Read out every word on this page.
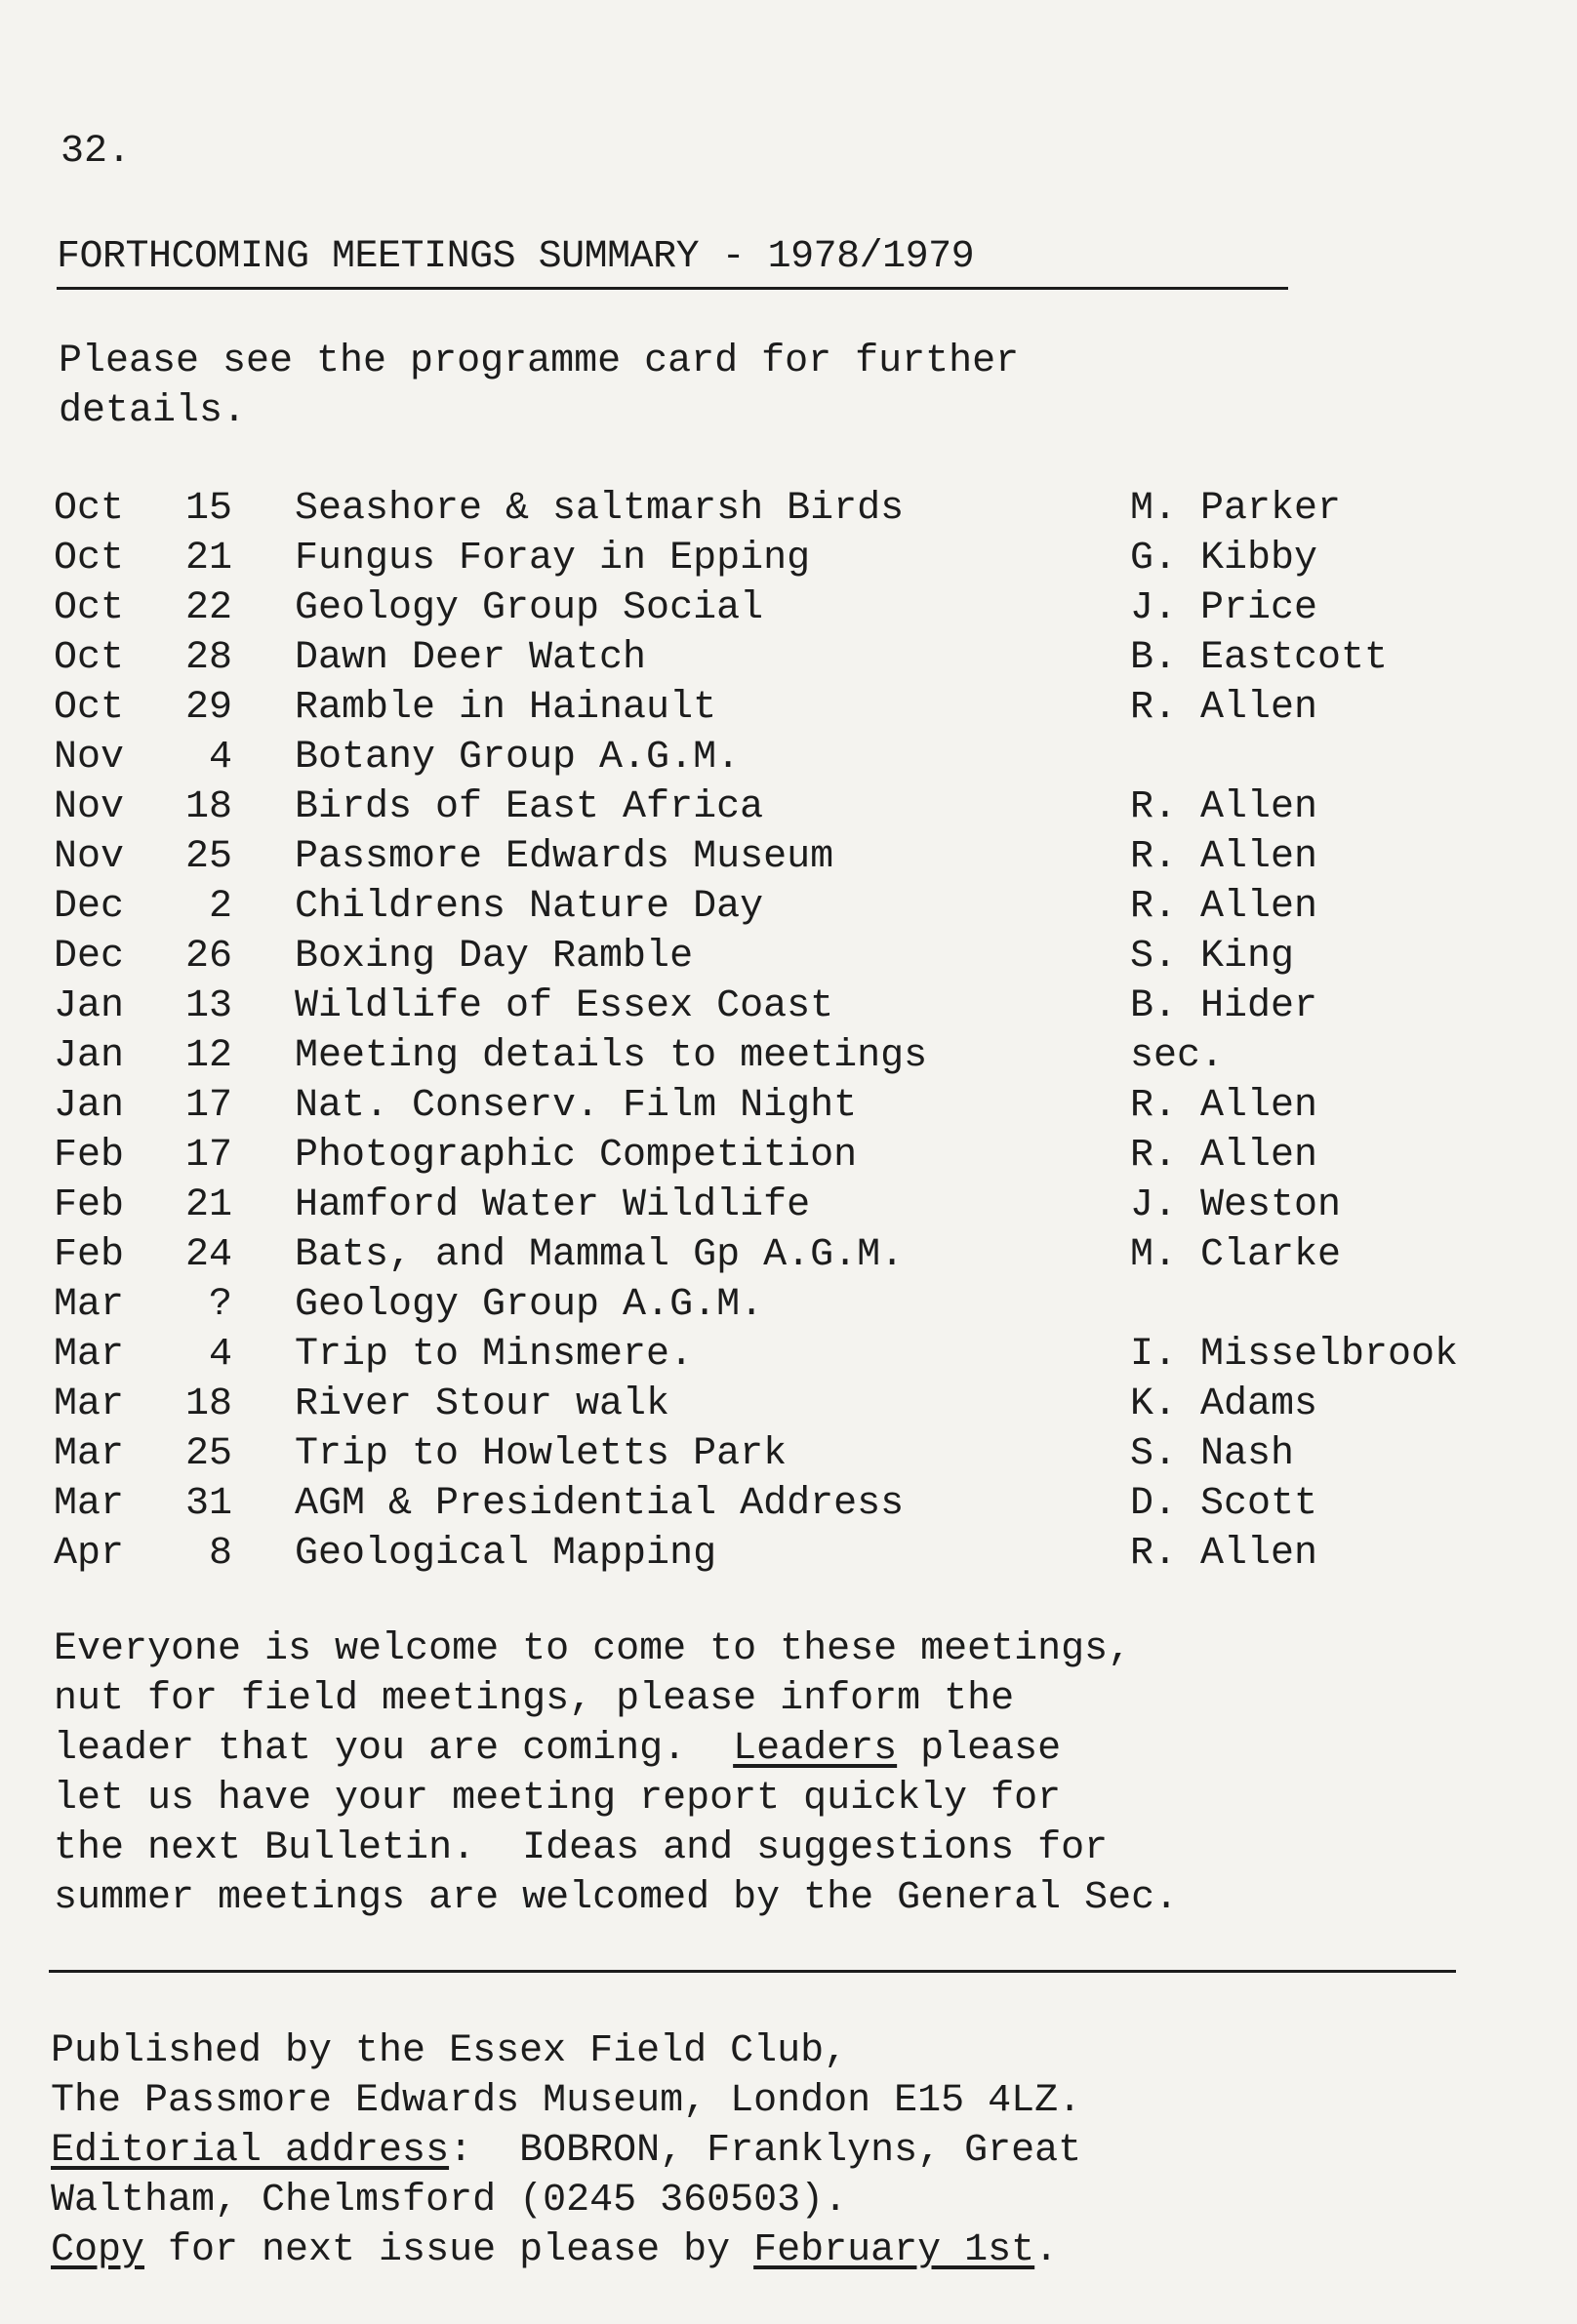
32.
FORTHCOMING MEETINGS SUMMARY - 1978/1979
Please see the programme card for further
details.
Oct	15 Seashore & saltmarsh Birds	M. Parker
Oct	21 Fungus Foray in Epping	G. Kibby
Oct	22 Geology Group Social	J. Price
Oct	28 Dawn Deer Watch	B. Eastcott
Oct	29 Ramble in Hainault	R. Allen
Nov	4 Botany Group A.G.M.
Nov	18 Birds of East Africa	R. Allen
Nov	25 Passmore Edwards Museum	R. Allen
Dec	2 Childrens Nature Day	R. Allen
Dec	26 Boxing Day Ramble	S. King
Jan	13 Wildlife of Essex Coast	B. Hider
Jan	12 Meeting details to meetings	sec.
Jan	17 Nat. Conserv. Film Night	R. Allen
Feb	17 Photographic Competition	R. Allen
Feb	21 Hamford Water Wildlife	J. Weston
Feb	24 Bats, and Mammal Gp A.G.M.	M. Clarke
Mar	? Geology Group A.G.M.
Mar	4 Trip to Minsmere.	I. Misselbrook
Mar	18 River Stour walk	K. Adams
Mar	25 Trip to Howletts Park	S. Nash
Mar	31 AGM & Presidential Address	D. Scott
Apr	8 Geological Mapping	R. Allen
Everyone is welcome to come to these meetings,
nut for field meetings, please inform the
leader that you are coming.  Leaders please
let us have your meeting report quickly for
the next Bulletin.  Ideas and suggestions for
summer meetings are welcomed by the General Sec.
Published by the Essex Field Club,
The Passmore Edwards Museum, London E15 4LZ.
Editorial address:  BOBRON, Franklyns, Great
Waltham, Chelmsford (0245 360503).
Copy for next issue please by February 1st.
